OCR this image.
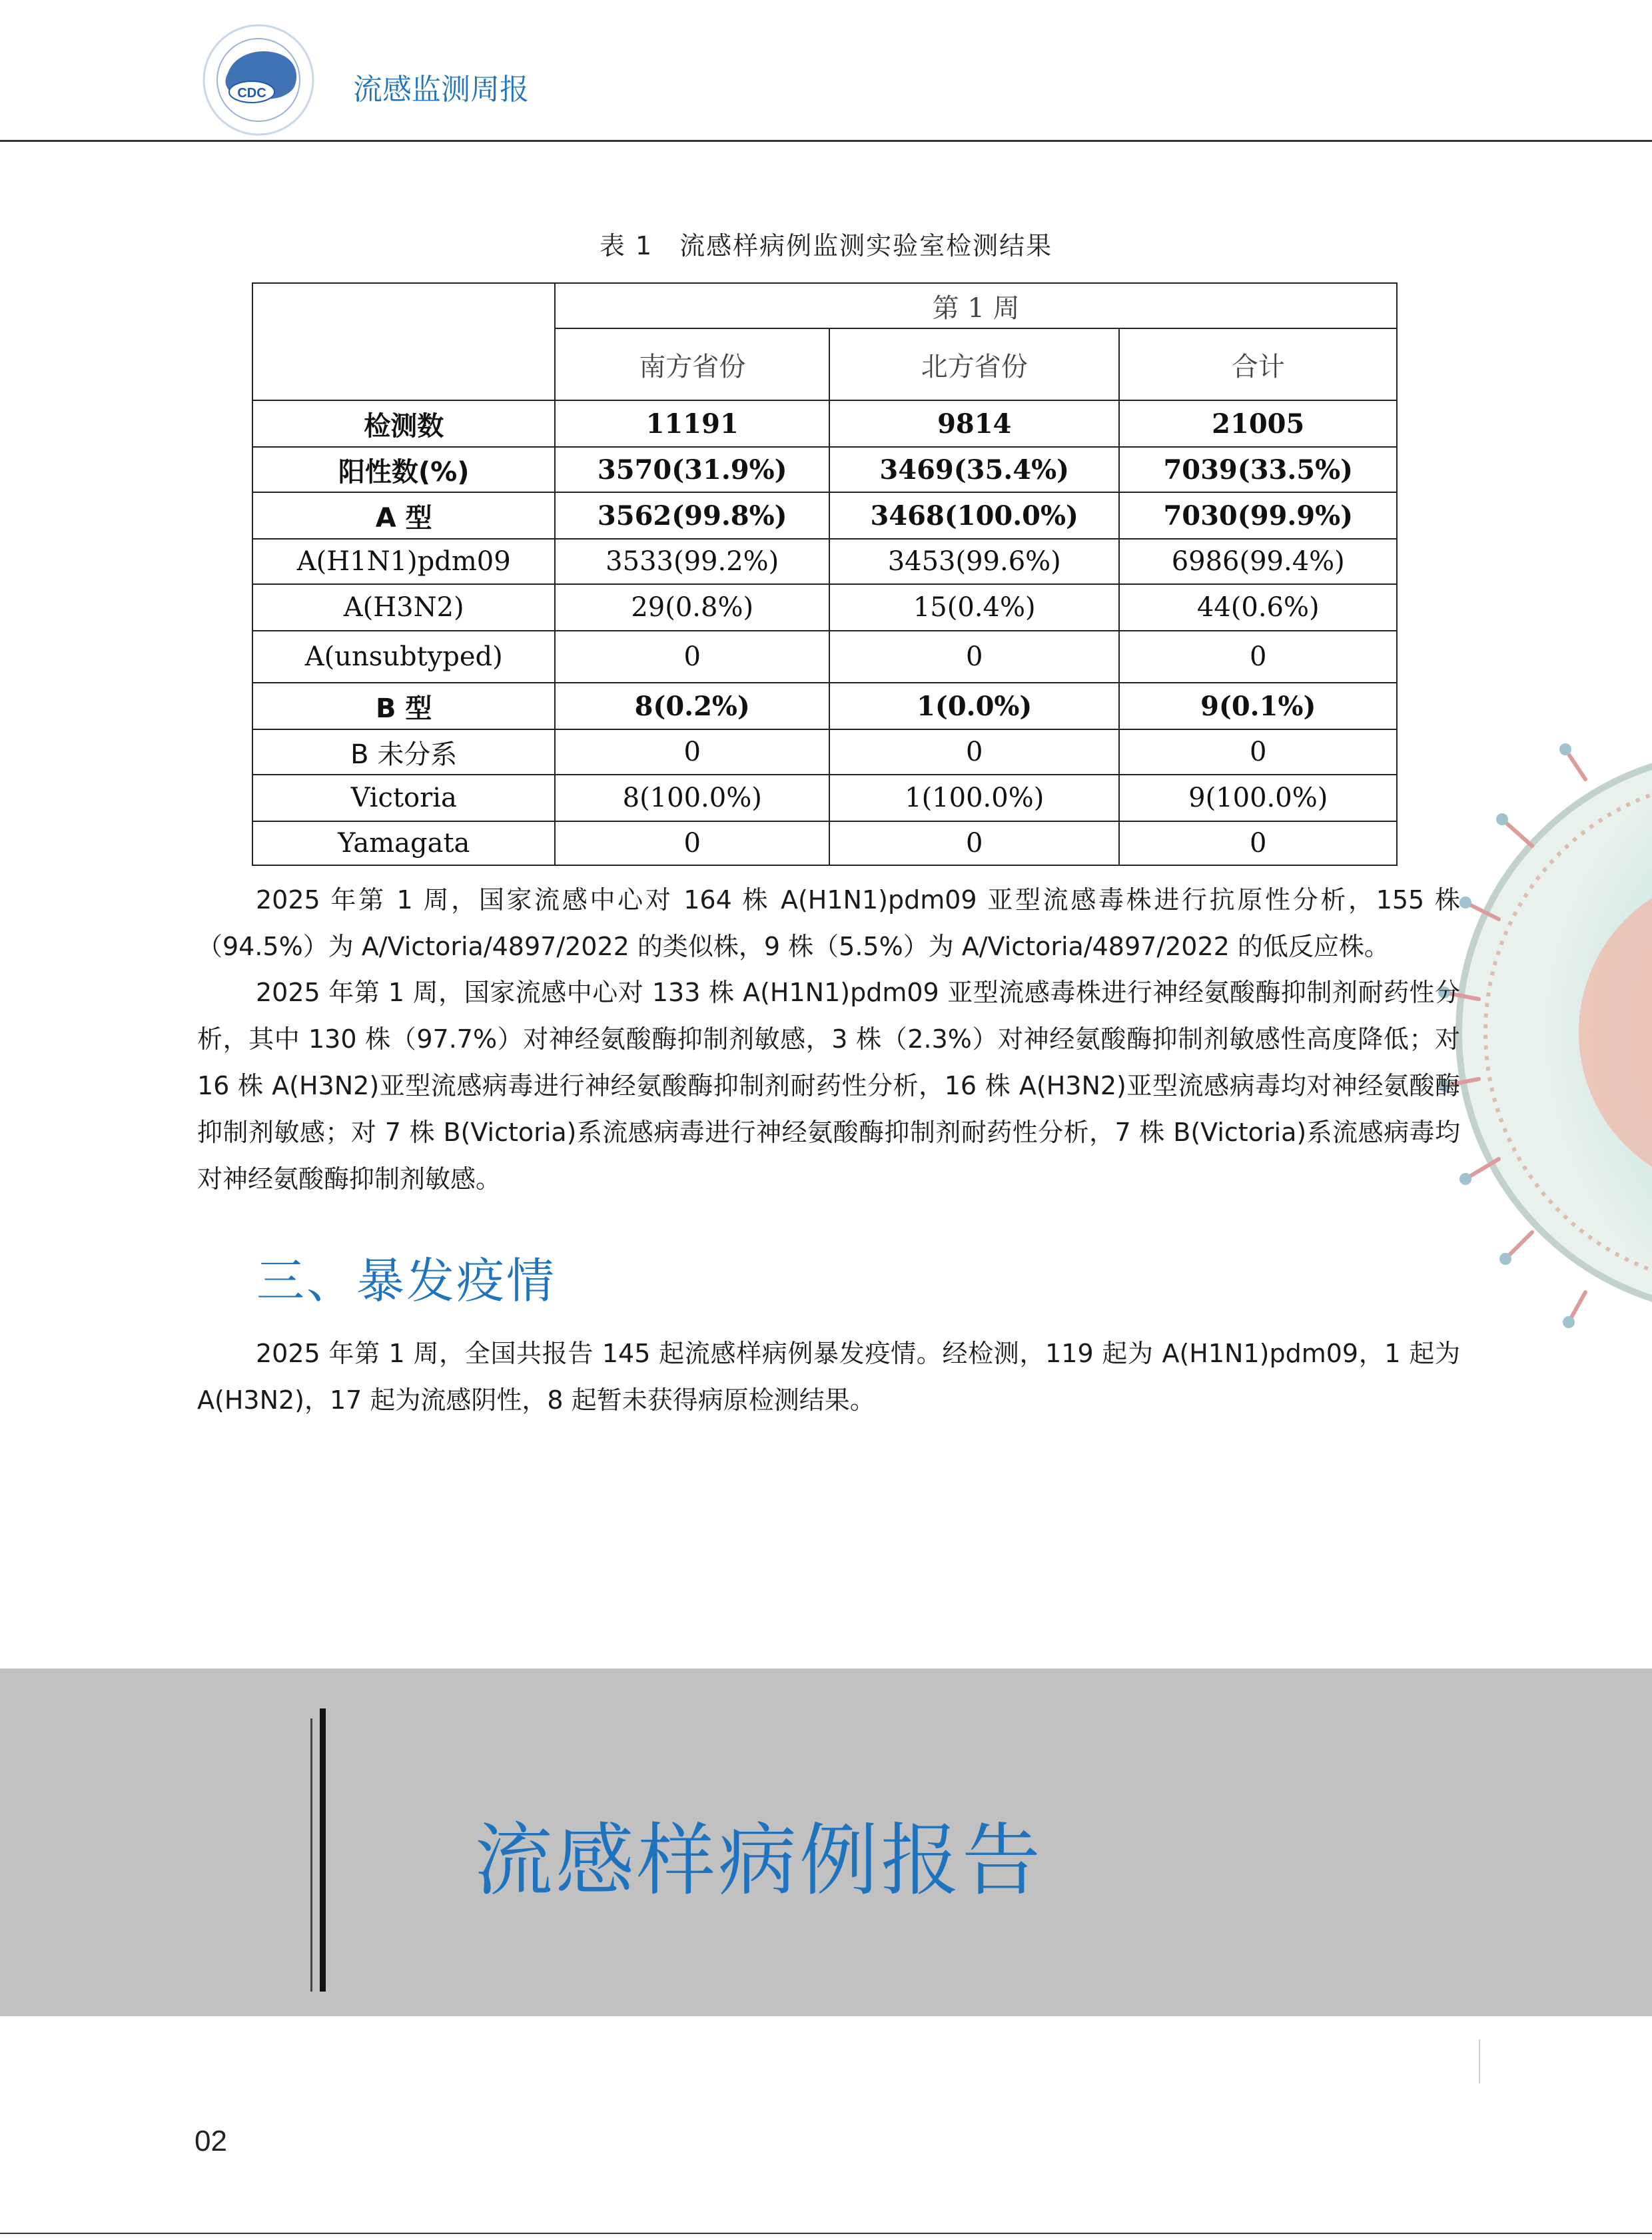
CDC	流感监测周报
表 1　流感样病例监测实验室检测结果
	第 1 周		
	南方省份	北方省份	合计
检测数	11191	9814	21005
阳性数(%)	3570(31.9%)	3469(35.4%)	7039(33.5%)
A 型	3562(99.8%)	3468(100.0%)	7030(99.9%)
A(H1N1)pdm09	3533(99.2%)	3453(99.6%)	6986(99.4%)
A(H3N2)	29(0.8%)	15(0.4%)	44(0.6%)
A(unsubtyped)	0	0	0
B 型	8(0.2%)	1(0.0%)	9(0.1%)
B 未分系	0	0	0
Victoria	8(100.0%)	1(100.0%)	9(100.0%)
Yamagata	0	0	0
2025 年第 1 周，国家流感中心对 164 株 A(H1N1)pdm09 亚型流感毒株进行抗原性分析，155 株（94.5%）为 A/Victoria/4897/2022 的类似株，9 株（5.5%）为 A/Victoria/4897/2022 的低反应株。
2025 年第 1 周，国家流感中心对 133 株 A(H1N1)pdm09 亚型流感毒株进行神经氨酸酶抑制剂耐药性分析，其中 130 株（97.7%）对神经氨酸酶抑制剂敏感，3 株（2.3%）对神经氨酸酶抑制剂敏感性高度降低；对 16 株 A(H3N2)亚型流感病毒进行神经氨酸酶抑制剂耐药性分析，16 株 A(H3N2)亚型流感病毒均对神经氨酸酶抑制剂敏感；对 7 株 B(Victoria)系流感病毒进行神经氨酸酶抑制剂耐药性分析，7 株 B(Victoria)系流感病毒均对神经氨酸酶抑制剂敏感。
三、暴发疫情
2025 年第 1 周，全国共报告 145 起流感样病例暴发疫情。经检测，119 起为 A(H1N1)pdm09，1 起为 A(H3N2)，17 起为流感阴性，8 起暂未获得病原检测结果。
流感样病例报告
02
